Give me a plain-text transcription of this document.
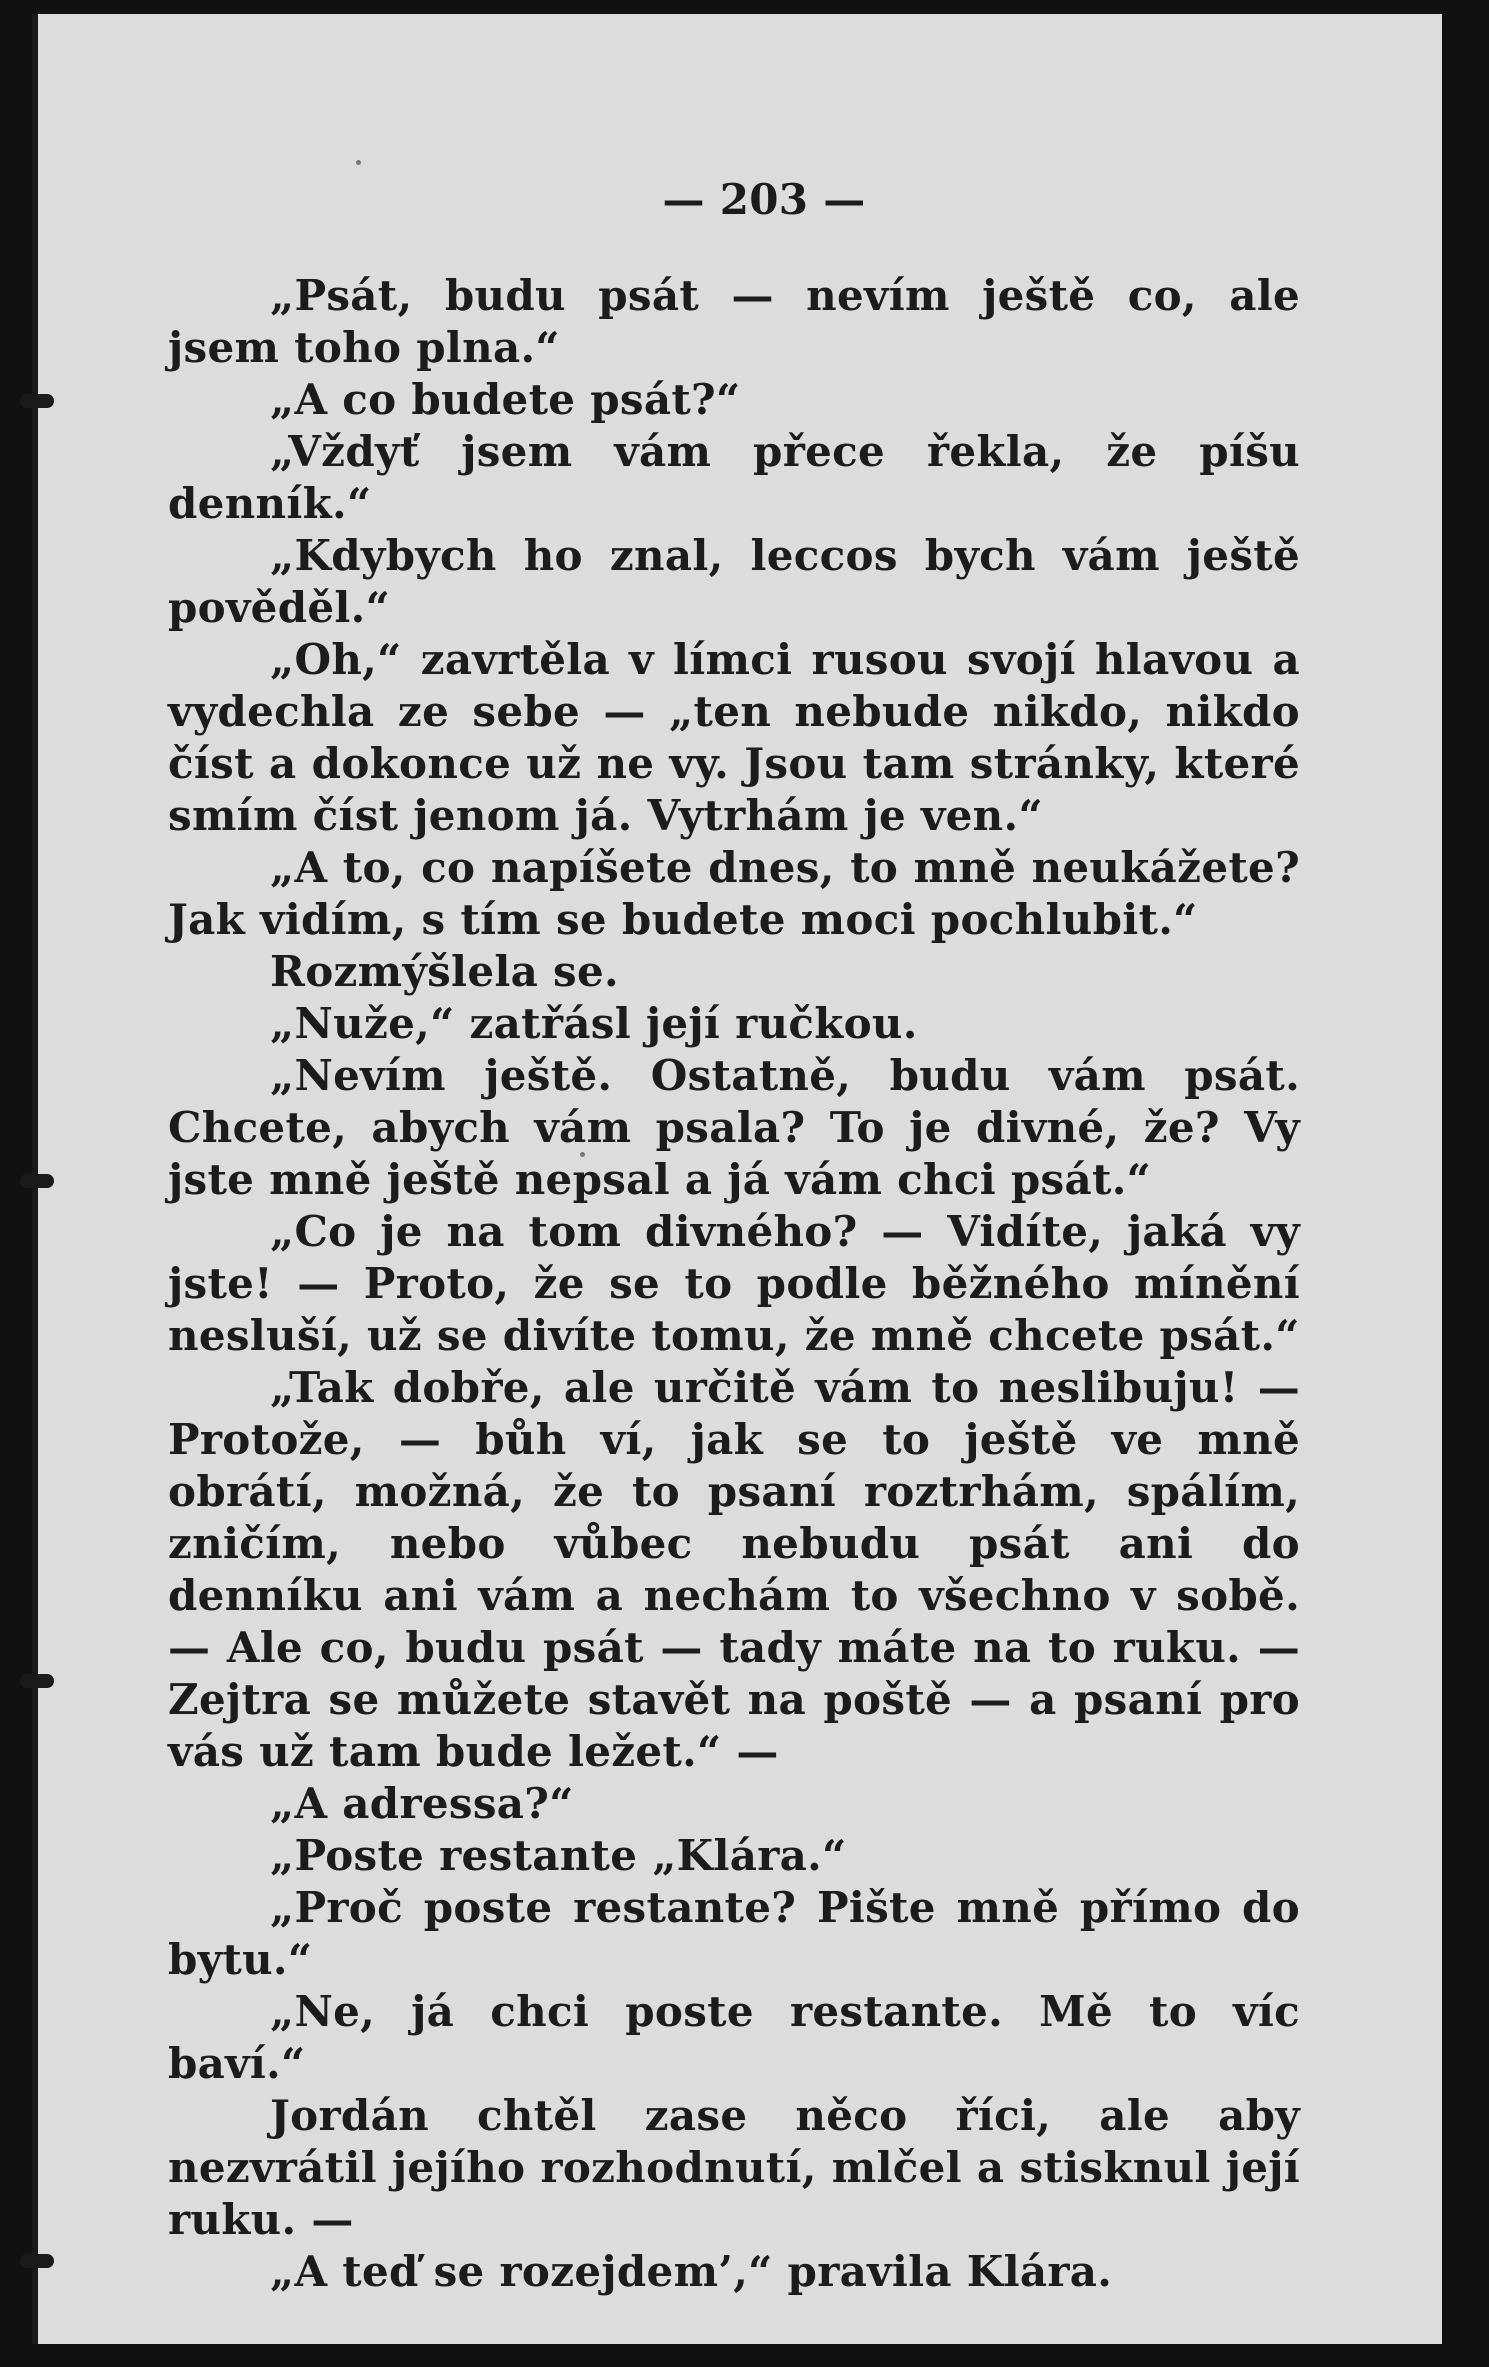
— 203 —

„Psát, budu psát — nevím ještě co, ale jsem toho plna.“

„A co budete psát?“

„Vždyť jsem vám přece řekla, že píšu denník.“

„Kdybych ho znal, leccos bych vám ještě pověděl.“

„Oh,“ zavrtěla v límci rusou svojí hlavou a vydechla ze sebe — „ten nebude nikdo, nikdo číst a dokonce už ne vy. Jsou tam stránky, které smím číst jenom já. Vytrhám je ven.“

„A to, co napíšete dnes, to mně neukážete? Jak vidím, s tím se budete moci pochlubit.“

Rozmýšlela se.

„Nuže,“ zatřásl její ručkou.

„Nevím ještě. Ostatně, budu vám psát. Chcete, abych vám psala? To je divné, že? Vy jste mně ještě nepsal a já vám chci psát.“

„Co je na tom divného? — Vidíte, jaká vy jste! — Proto, že se to podle běžného mínění nesluší, už se divíte tomu, že mně chcete psát.“

„Tak dobře, ale určitě vám to neslibuju! — Protože, — bůh ví, jak se to ještě ve mně obrátí, možná, že to psaní roztrhám, spálím, zničím, nebo vůbec nebudu psát ani do denníku ani vám a nechám to všechno v sobě. — Ale co, budu psát — tady máte na to ruku. — Zejtra se můžete stavět na poště — a psaní pro vás už tam bude ležet.“ —

„A adressa?“

„Poste restante „Klára.“

„Proč poste restante? Pište mně přímo do bytu.“

„Ne, já chci poste restante. Mě to víc baví.“

Jordán chtěl zase něco říci, ale aby nezvrátil jejího rozhodnutí, mlčel a stisknul její ruku. —

„A teď se rozejdem’,“ pravila Klára.
